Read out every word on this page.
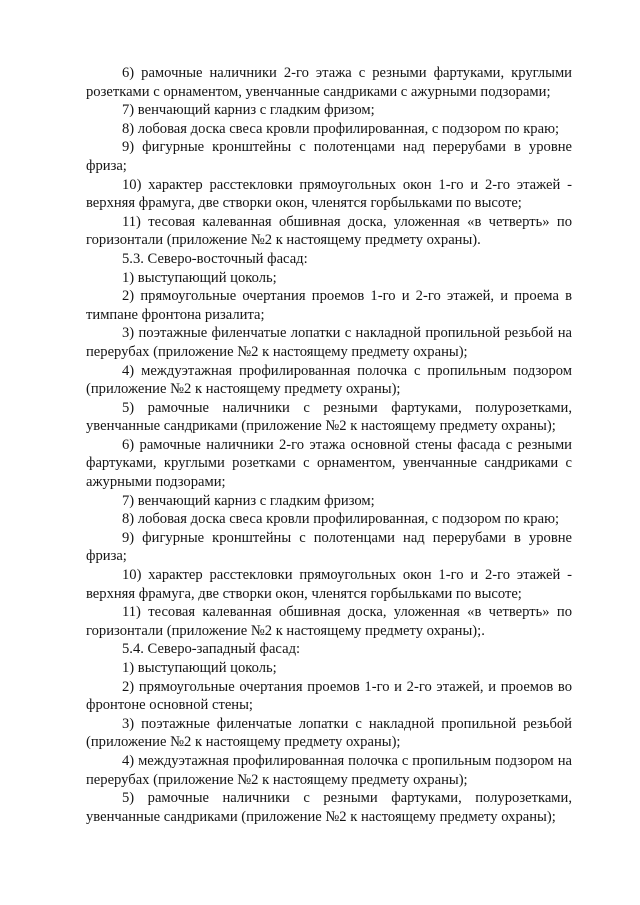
6) рамочные наличники 2-го этажа с резными фартуками, круглыми розетками с орнаментом, увенчанные сандриками с ажурными подзорами;

7) венчающий карниз с гладким фризом;

8) лобовая доска свеса кровли профилированная, с подзором по краю;

9) фигурные кронштейны с полотенцами над перерубами в уровне фриза;

10) характер расстекловки прямоугольных окон 1-го и 2-го этажей - верхняя фрамуга, две створки окон, членятся горбыльками по высоте;

11) тесовая калеванная обшивная доска, уложенная «в четверть» по горизонтали (приложение №2 к настоящему предмету охраны).

5.3. Северо-восточный фасад:

1) выступающий цоколь;

2) прямоугольные очертания проемов 1-го и 2-го этажей, и проема в тимпане фронтона ризалита;

3) поэтажные филенчатые лопатки с накладной пропильной резьбой на перерубах (приложение №2 к настоящему предмету охраны);

4) междуэтажная профилированная полочка с пропильным подзором (приложение №2 к настоящему предмету охраны);

5) рамочные наличники с резными фартуками, полурозетками, увенчанные сандриками (приложение №2 к настоящему предмету охраны);

6) рамочные наличники 2-го этажа основной стены фасада с резными фартуками, круглыми розетками с орнаментом, увенчанные сандриками с ажурными подзорами;

7) венчающий карниз с гладким фризом;

8) лобовая доска свеса кровли профилированная, с подзором по краю;

9) фигурные кронштейны с полотенцами над перерубами в уровне фриза;

10) характер расстекловки прямоугольных окон 1-го и 2-го этажей - верхняя фрамуга, две створки окон, членятся горбыльками по высоте;

11) тесовая калеванная обшивная доска, уложенная «в четверть» по горизонтали (приложение №2 к настоящему предмету охраны);.

5.4. Северо-западный фасад:

1) выступающий цоколь;

2) прямоугольные очертания проемов 1-го и 2-го этажей, и проемов во фронтоне основной стены;

3) поэтажные филенчатые лопатки с накладной пропильной резьбой (приложение №2 к настоящему предмету охраны);

4) междуэтажная профилированная полочка с пропильным подзором на перерубах (приложение №2 к настоящему предмету охраны);

5) рамочные наличники с резными фартуками, полурозетками, увенчанные сандриками (приложение №2 к настоящему предмету охраны);
